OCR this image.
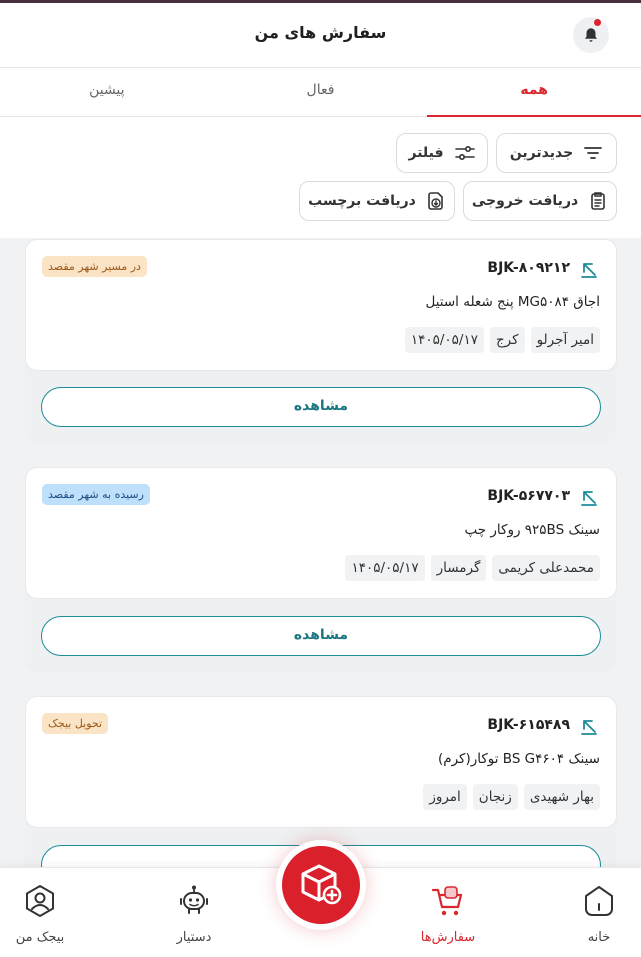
سفارش های من
همه
فعال
پیشین
جدیدترین
فیلتر
دریافت خروجی
دریافت برچسب
BJK-۸۰۹۲۱۲
در مسیر شهر مقصد
اجاق MG۵۰۸۴ پنج شعله استیل
امیر آجرلو
کرج
۱۴۰۵/۰۵/۱۷
مشاهده
BJK-۵۶۷۷۰۳
رسیده به شهر مقصد
سینک ۹۲۵BS روکار چپ
محمدعلی کریمی
گرمسار
۱۴۰۵/۰۵/۱۷
مشاهده
BJK-۶۱۵۴۸۹
تحویل بیجک
سینک BS G۴۶۰۴ توکار(کرم)
بهار شهیدی
زنجان
امروز
خانه
سفارش‌ها
دستیار
بیجک من
